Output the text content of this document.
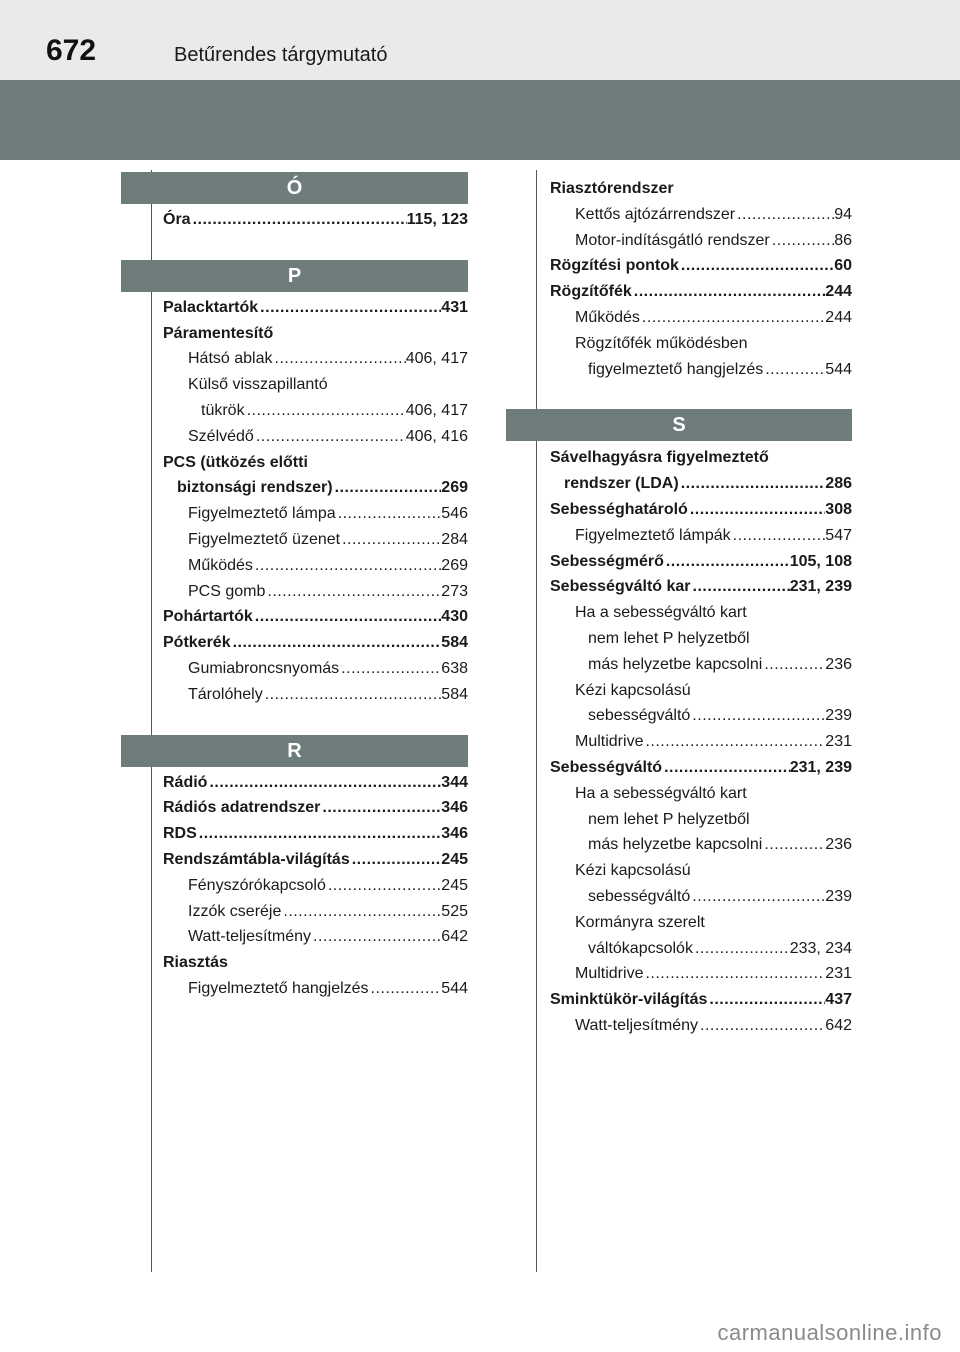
672	Betűrendes tárgymutató
Ó
Óra .....	115, 123
P
Palacktartók .....	431
Páramentesítő
Hátsó ablak .....	406, 417
Külső visszapillantó
tükrök .....	406, 417
Szélvédő .....	406, 416
PCS (ütközés előtti
biztonsági rendszer) .....	269
Figyelmeztető lámpa .....	546
Figyelmeztető üzenet .....	284
Működés .....	269
PCS gomb .....	273
Pohártartók .....	430
Pótkerék .....	584
Gumiabroncsnyomás .....	638
Tárolóhely .....	584
R
Rádió .....	344
Rádiós adatrendszer .....	346
RDS .....	346
Rendszámtábla-világítás .....	245
Fényszórókapcsoló .....	245
Izzók cseréje .....	525
Watt-teljesítmény .....	642
Riasztás
Figyelmeztető hangjelzés .....	544
Riasztórendszer
Kettős ajtózárrendszer .....	94
Motor-indításgátló rendszer .....	86
Rögzítési pontok .....	60
Rögzítőfék .....	244
Működés .....	244
Rögzítőfék működésben
figyelmeztető hangjelzés .....	544
S
Sávelhagyásra figyelmeztető
rendszer (LDA) .....	286
Sebességhatároló .....	308
Figyelmeztető lámpák .....	547
Sebességmérő .....	105, 108
Sebességváltó kar .....	231, 239
Ha a sebességváltó kart
nem lehet P helyzetből
más helyzetbe kapcsolni .....	236
Kézi kapcsolású
sebességváltó .....	239
Multidrive .....	231
Sebességváltó .....	231, 239
Ha a sebességváltó kart
nem lehet P helyzetből
más helyzetbe kapcsolni .....	236
Kézi kapcsolású
sebességváltó .....	239
Kormányra szerelt
váltókapcsolók .....	233, 234
Multidrive .....	231
Sminktükör-világítás .....	437
Watt-teljesítmény .....	642
carmanualsonline.info
